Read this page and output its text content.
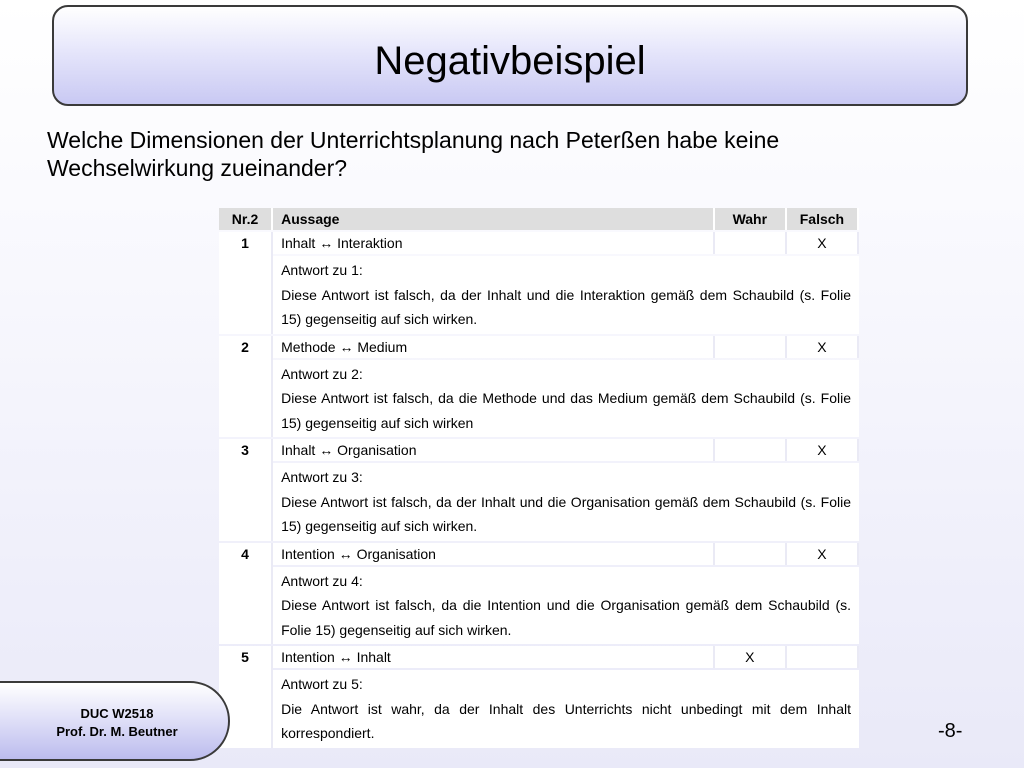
Negativbeispiel
Welche Dimensionen der Unterrichtsplanung nach Peterßen habe keine Wechselwirkung zueinander?
Nr.2	Aussage	Wahr	Falsch
1	Inhalt ↔ Interaktion		X

	Antwort zu 1:
Diese Antwort ist falsch, da der Inhalt und die Interaktion gemäß dem Schaubild (s. Folie 15) gegenseitig auf sich wirken.		

2	Methode ↔ Medium		X

	Antwort zu 2:
Diese Antwort ist falsch, da die Methode und das Medium gemäß dem Schaubild (s. Folie 15) gegenseitig auf sich wirken		

3	Inhalt ↔ Organisation		X

	Antwort zu 3:
Diese Antwort ist falsch, da der Inhalt und die Organisation gemäß dem Schaubild (s. Folie 15) gegenseitig auf sich wirken.		

4	Intention ↔ Organisation		X

	Antwort zu 4:
Diese Antwort ist falsch, da die Intention und die Organisation gemäß dem Schaubild (s. Folie 15) gegenseitig auf sich wirken.		

5	Intention ↔ Inhalt	X	

	Antwort zu 5:
Die Antwort ist wahr, da der Inhalt des Unterrichts nicht unbedingt mit dem Inhalt korrespondiert.		
DUC W2518
Prof. Dr. M. Beutner	-8-
